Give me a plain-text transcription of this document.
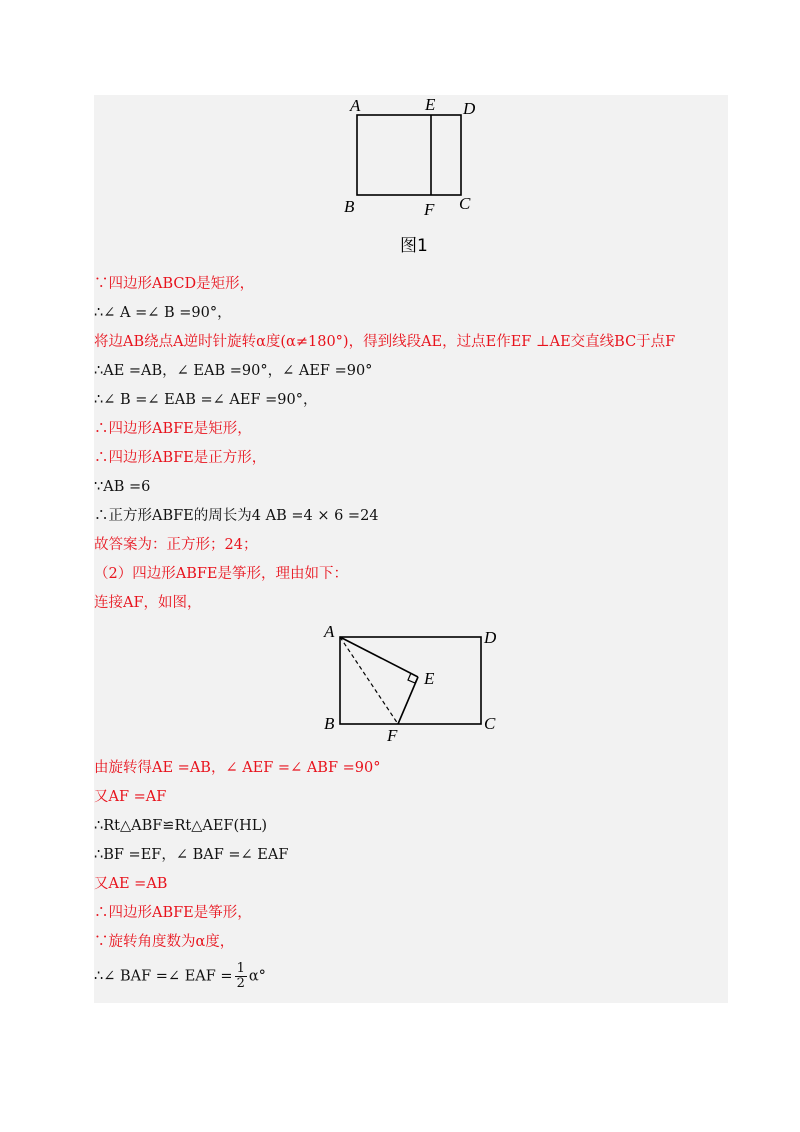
A	E D
B	F C
图1
∵四边形ABCD是矩形，
∴∠ A =∠ B =90°，
将边AB绕点A逆时针旋转α度(α≠180°)，得到线段AE，过点E作EF ⊥AE交直线BC于点F
∴AE =AB，∠ EAB =90°，∠ AEF =90°
∴∠ B =∠ EAB =∠ AEF =90°，
∴四边形ABFE是矩形，
∴四边形ABFE是正方形，
∵AB =6
∴正方形ABFE的周长为4 AB =4 × 6 =24
故答案为：正方形；24；
（2）四边形ABFE是筝形，理由如下：
连接AF，如图，
由旋转得AE =AB，∠ AEF =∠ ABF =90°
又AF =AF
∴Rt△ABF≌Rt△AEF(HL)
∴BF =EF，∠ BAF =∠ EAF
又AE =AB
∴四边形ABFE是筝形，
∵旋转角度数为α度，
∴∠ BAF =∠ EAF = $\frac{1}{2} \alpha^\circ$
A	D
E
B
F
C
